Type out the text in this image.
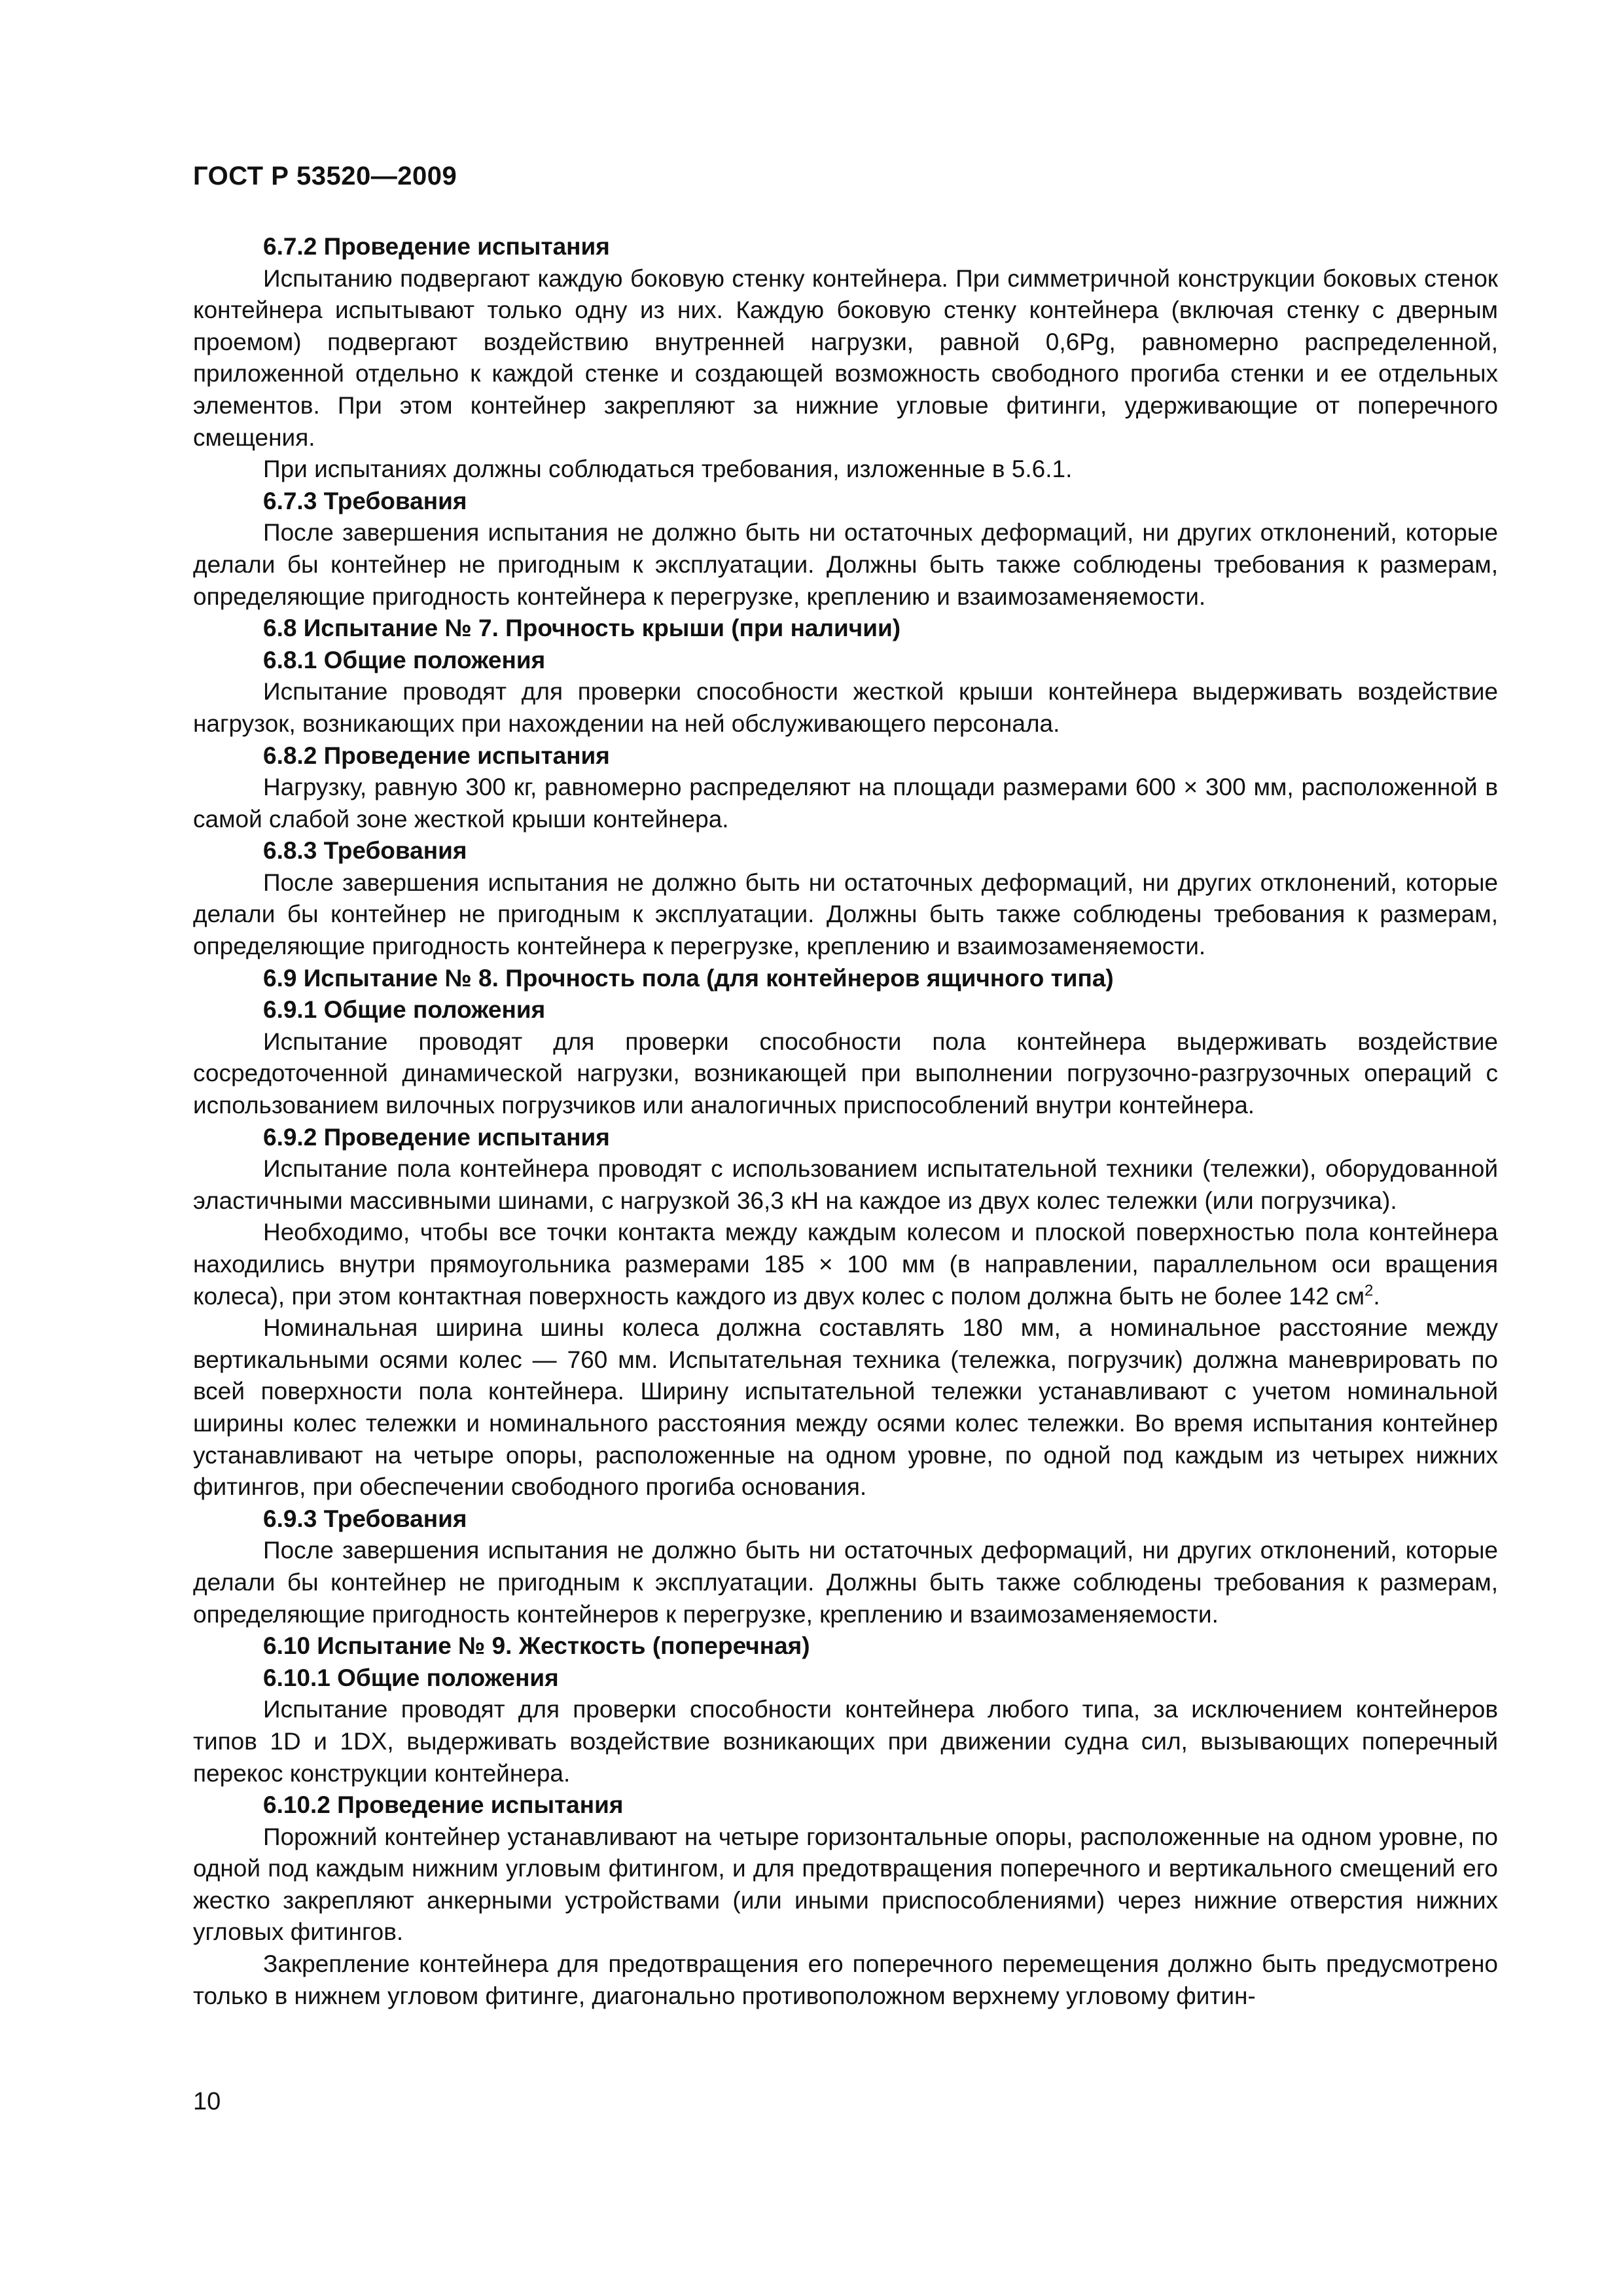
ГОСТ Р 53520—2009
6.7.2 Проведение испытания

Испытанию подвергают каждую боковую стенку контейнера. При симметричной конструкции боковых стенок контейнера испытывают только одну из них. Каждую боковую стенку контейнера (включая стенку с дверным проемом) подвергают воздействию внутренней нагрузки, равной 0,6Pg, равномерно распределенной, приложенной отдельно к каждой стенке и создающей возможность свободного прогиба стенки и ее отдельных элементов. При этом контейнер закрепляют за нижние угловые фитинги, удерживающие от поперечного смещения.

При испытаниях должны соблюдаться требования, изложенные в 5.6.1.

6.7.3 Требования

После завершения испытания не должно быть ни остаточных деформаций, ни других отклонений, которые делали бы контейнер не пригодным к эксплуатации. Должны быть также соблюдены требования к размерам, определяющие пригодность контейнера к перегрузке, креплению и взаимозаменяемости.

6.8 Испытание № 7. Прочность крыши (при наличии)
6.8.1 Общие положения

Испытание проводят для проверки способности жесткой крыши контейнера выдерживать воздействие нагрузок, возникающих при нахождении на ней обслуживающего персонала.

6.8.2 Проведение испытания

Нагрузку, равную 300 кг, равномерно распределяют на площади размерами 600 × 300 мм, расположенной в самой слабой зоне жесткой крыши контейнера.

6.8.3 Требования

После завершения испытания не должно быть ни остаточных деформаций, ни других отклонений, которые делали бы контейнер не пригодным к эксплуатации. Должны быть также соблюдены требования к размерам, определяющие пригодность контейнера к перегрузке, креплению и взаимозаменяемости.

6.9 Испытание № 8. Прочность пола (для контейнеров ящичного типа)
6.9.1 Общие положения

Испытание проводят для проверки способности пола контейнера выдерживать воздействие сосредоточенной динамической нагрузки, возникающей при выполнении погрузочно-разгрузочных операций с использованием вилочных погрузчиков или аналогичных приспособлений внутри контейнера.

6.9.2 Проведение испытания

Испытание пола контейнера проводят с использованием испытательной техники (тележки), оборудованной эластичными массивными шинами, с нагрузкой 36,3 кН на каждое из двух колес тележки (или погрузчика).

Необходимо, чтобы все точки контакта между каждым колесом и плоской поверхностью пола контейнера находились внутри прямоугольника размерами 185 × 100 мм (в направлении, параллельном оси вращения колеса), при этом контактная поверхность каждого из двух колес с полом должна быть не более 142 $см^2$.

Номинальная ширина шины колеса должна составлять 180 мм, а номинальное расстояние между вертикальными осями колес — 760 мм. Испытательная техника (тележка, погрузчик) должна маневрировать по всей поверхности пола контейнера. Ширину испытательной тележки устанавливают с учетом номинальной ширины колес тележки и номинального расстояния между осями колес тележки. Во время испытания контейнер устанавливают на четыре опоры, расположенные на одном уровне, по одной под каждым из четырех нижних фитингов, при обеспечении свободного прогиба основания.

6.9.3 Требования

После завершения испытания не должно быть ни остаточных деформаций, ни других отклонений, которые делали бы контейнер не пригодным к эксплуатации. Должны быть также соблюдены требования к размерам, определяющие пригодность контейнеров к перегрузке, креплению и взаимозаменяемости.

6.10 Испытание № 9. Жесткость (поперечная)
6.10.1 Общие положения

Испытание проводят для проверки способности контейнера любого типа, за исключением контейнеров типов 1D и 1DX, выдерживать воздействие возникающих при движении судна сил, вызывающих поперечный перекос конструкции контейнера.

6.10.2 Проведение испытания

Порожний контейнер устанавливают на четыре горизонтальные опоры, расположенные на одном уровне, по одной под каждым нижним угловым фитингом, и для предотвращения поперечного и вертикального смещений его жестко закрепляют анкерными устройствами (или иными приспособлениями) через нижние отверстия нижних угловых фитингов.

Закрепление контейнера для предотвращения его поперечного перемещения должно быть предусмотрено только в нижнем угловом фитинге, диагонально противоположном верхнему угловому фитин-

10
